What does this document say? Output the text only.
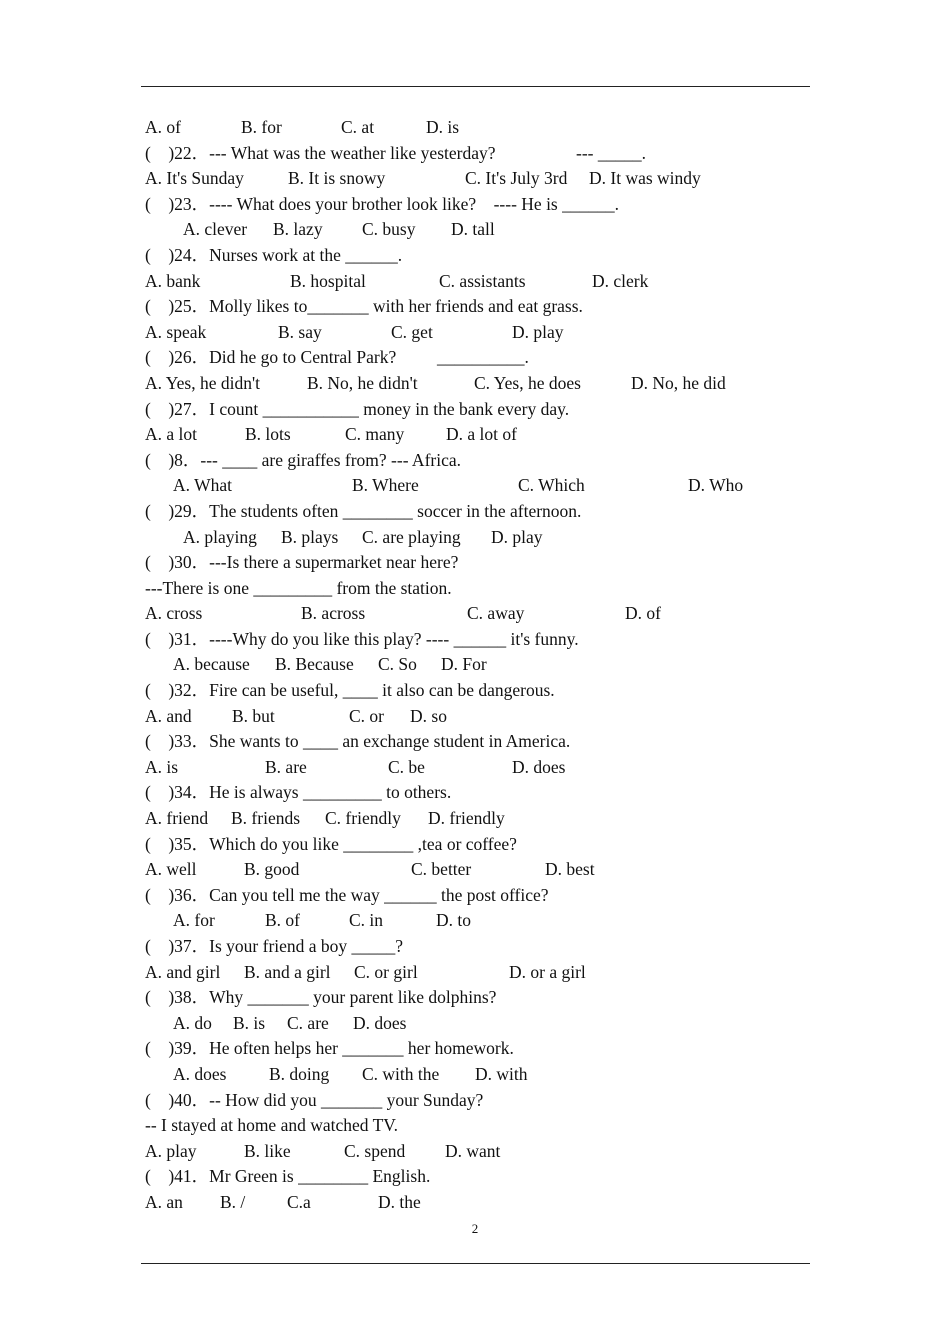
A. of	B. for	C. at	D. is
(    )22．--- What was the weather like yesterday?	--- _____.
A. It's Sunday	B. It is snowy	C. It's July 3rd D. It was windy
(    )23．---- What does your brother look like?    ---- He is ______.
A. clever B. lazy C. busy D. tall
(    )24．Nurses work at the ______.
A. bank	B. hospital	C. assistants	D. clerk
(    )25．Molly likes to_______ with her friends and eat grass.
A. speak	B. say	C. get	D. play
(    )26．Did he go to Central Park? __________.
A. Yes, he didn't	B. No, he didn't	C. Yes, he does	D. No, he did
(    )27．I count ___________ money in the bank every day.
A. a lot	B. lots	C. many D. a lot of
(    )8．--- ____ are giraffes from? --- Africa.
A. What	B. Where	C. Which	D. Who
(    )29．The students often ________ soccer in the afternoon.
A. playing B. plays C. are playing D. play
(    )30．---Is there a supermarket near here?
---There is one _________ from the station.
A. cross	B. across	C. away	D. of
(    )31．----Why do you like this play? ---- ______ it's funny.
A. because B. Because C. So D. For
(    )32．Fire can be useful, ____ it also can be dangerous.
A. and B. but	C. or D. so
(    )33．She wants to ____ an exchange student in America.
A. is	B. are	C. be	D. does
(    )34．He is always _________ to others.
A. friend B. friends C. friendly D. friendly
(    )35．Which do you like ________ ,tea or coffee?
A. well	B. good	C. better	D. best
(    )36．Can you tell me the way ______ the post office?
A. for	B. of	C. in	D. to
(    )37．Is your friend a boy _____?
A. and girl B. and a girl C. or girl	D. or a girl
(    )38．Why _______ your parent like dolphins?
A. do B. is C. are D. does
(    )39．He often helps her _______ her homework.
A. does B. doing C. with the D. with
(    )40．-- How did you _______ your Sunday?
-- I stayed at home and watched TV.
A. play	B. like	C. spend D. want
(    )41．Mr Green is ________ English.
A. an B. / C.a	D. the
2
